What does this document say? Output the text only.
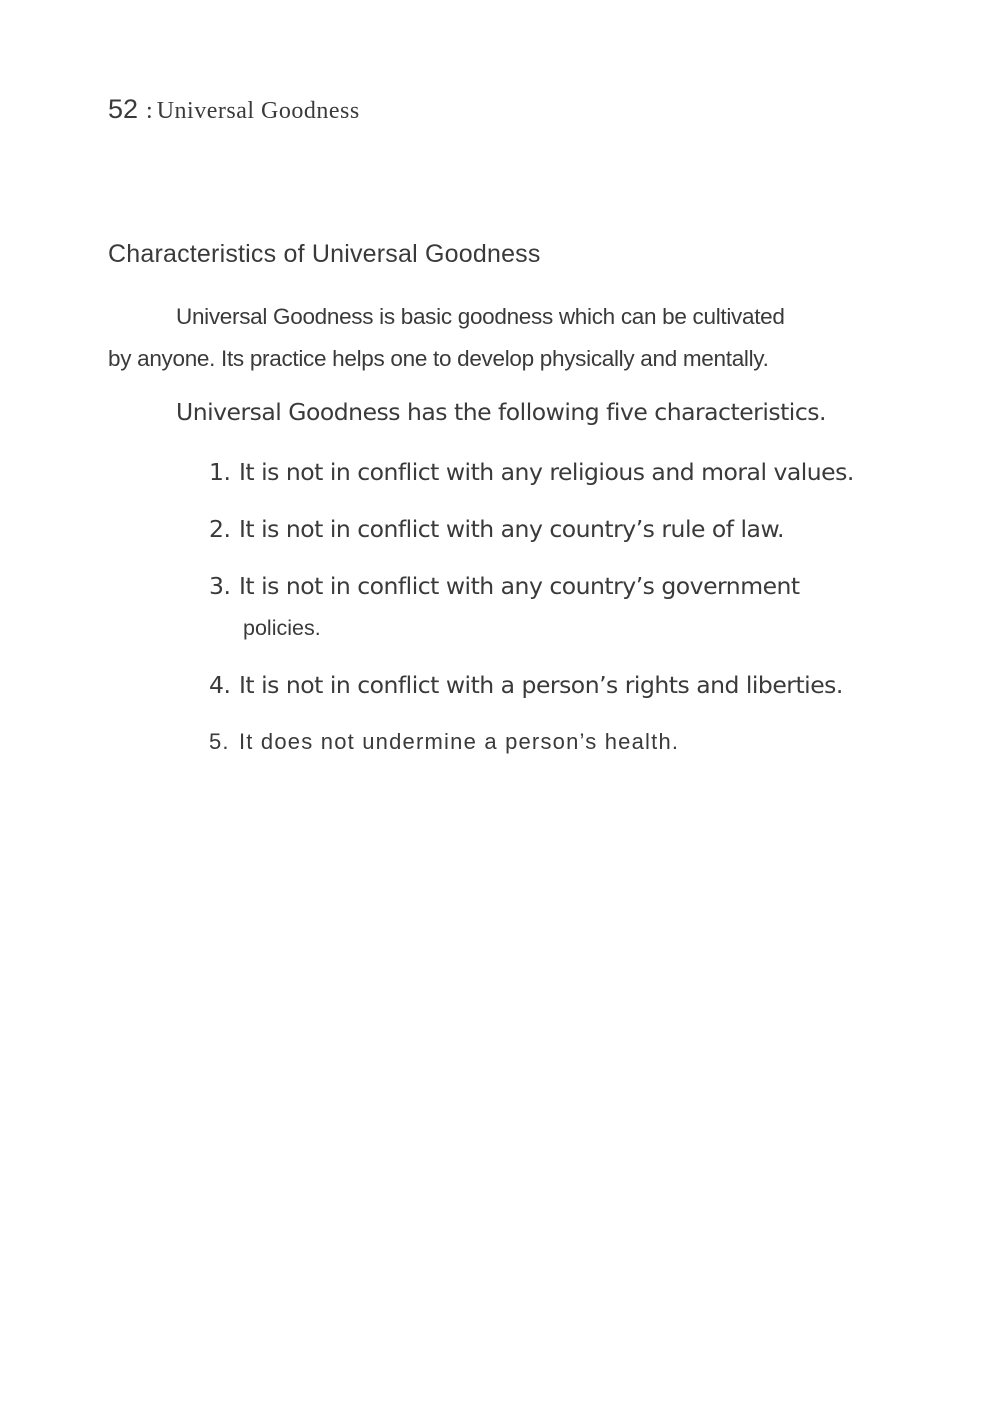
52 : Universal Goodness
Characteristics of Universal Goodness
Universal Goodness is basic goodness which can be cultivated
by anyone. Its practice helps one to develop physically and mentally.
Universal Goodness has the following five characteristics.
1. It is not in conflict with any religious and moral values.
2. It is not in conflict with any country’s rule of law.
3. It is not in conflict with any country’s government
policies.
4. It is not in conflict with a person’s rights and liberties.
5. It does not undermine a person’s health.
